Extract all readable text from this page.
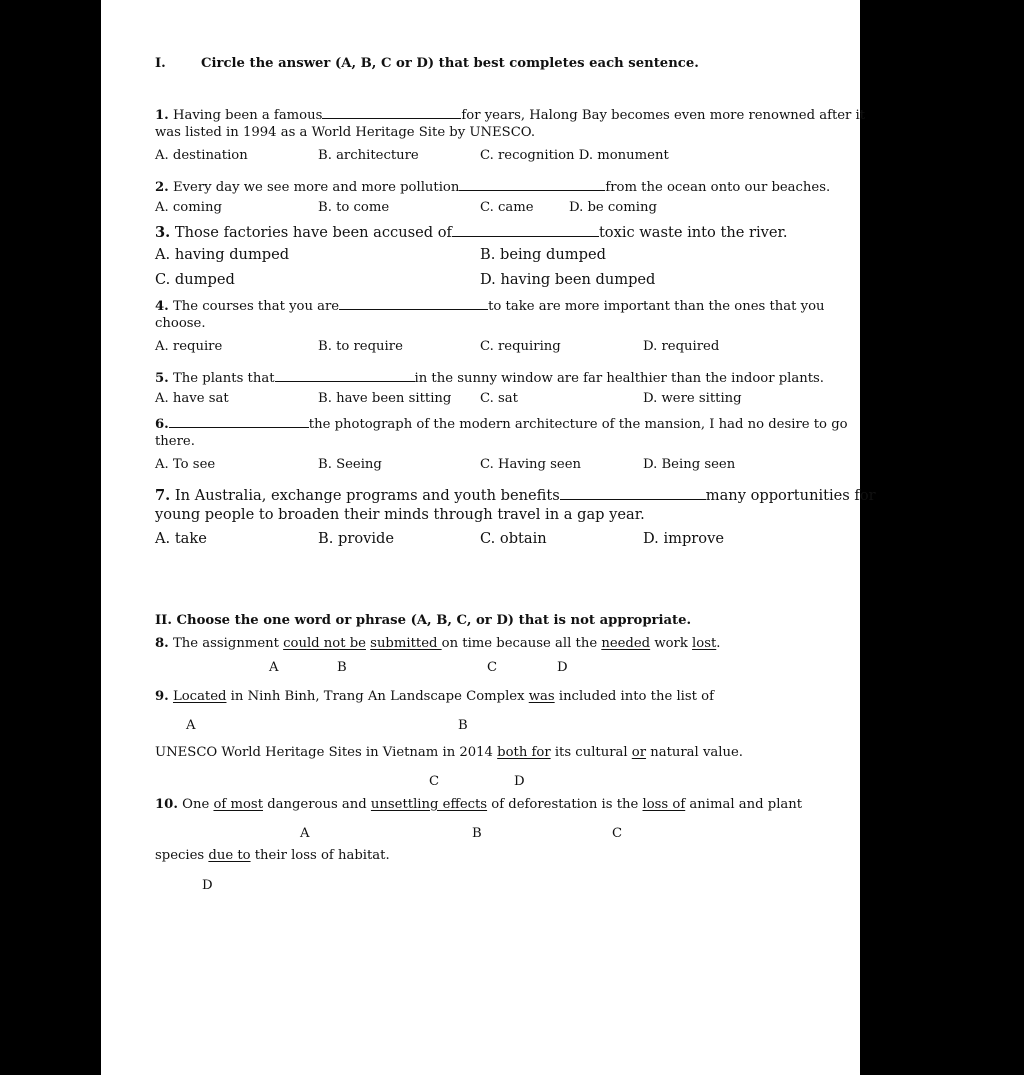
I.	Circle the answer (A, B, C or D) that best completes each sentence.
1. Having been a famous	for years, Halong Bay becomes even more renowned after it
was listed in 1994 as a World Heritage Site by UNESCO.
A. destination	B. architecture	C. recognition D. monument
2. Every day we see more and more pollution	from the ocean onto our beaches.
A. coming	B. to come	C. came	D. be coming
3. Those factories have been accused of	toxic waste into the river.
A. having dumped	B. being dumped
C. dumped	D. having been dumped
4. The courses that you are	to take are more important than the ones that you
choose.
A. require	B. to require	C. requiring	D. required
5. The plants that	in the sunny window are far healthier than the indoor plants.
A. have sat	B. have been sitting C. sat	D. were sitting
6.	the photograph of the modern architecture of the mansion, I had no desire to go
there.
A. To see	B. Seeing	C. Having seen	D. Being seen
7. In Australia, exchange programs and youth benefits	many opportunities for
young people to broaden their minds through travel in a gap year.
A. take	B. provide	C. obtain	D. improve
II. Choose the one word or phrase (A, B, C, or D) that is not appropriate.
8. The assignment could not be submitted on time because all the needed work lost.
A	B	C	D
9. Located in Ninh Binh, Trang An Landscape Complex was included into the list of
A	B
UNESCO World Heritage Sites in Vietnam in 2014 both for its cultural or natural value.
C	D
10. One of most dangerous and unsettling effects of deforestation is the loss of animal and plant
A	B	C
species due to their loss of habitat.
D
